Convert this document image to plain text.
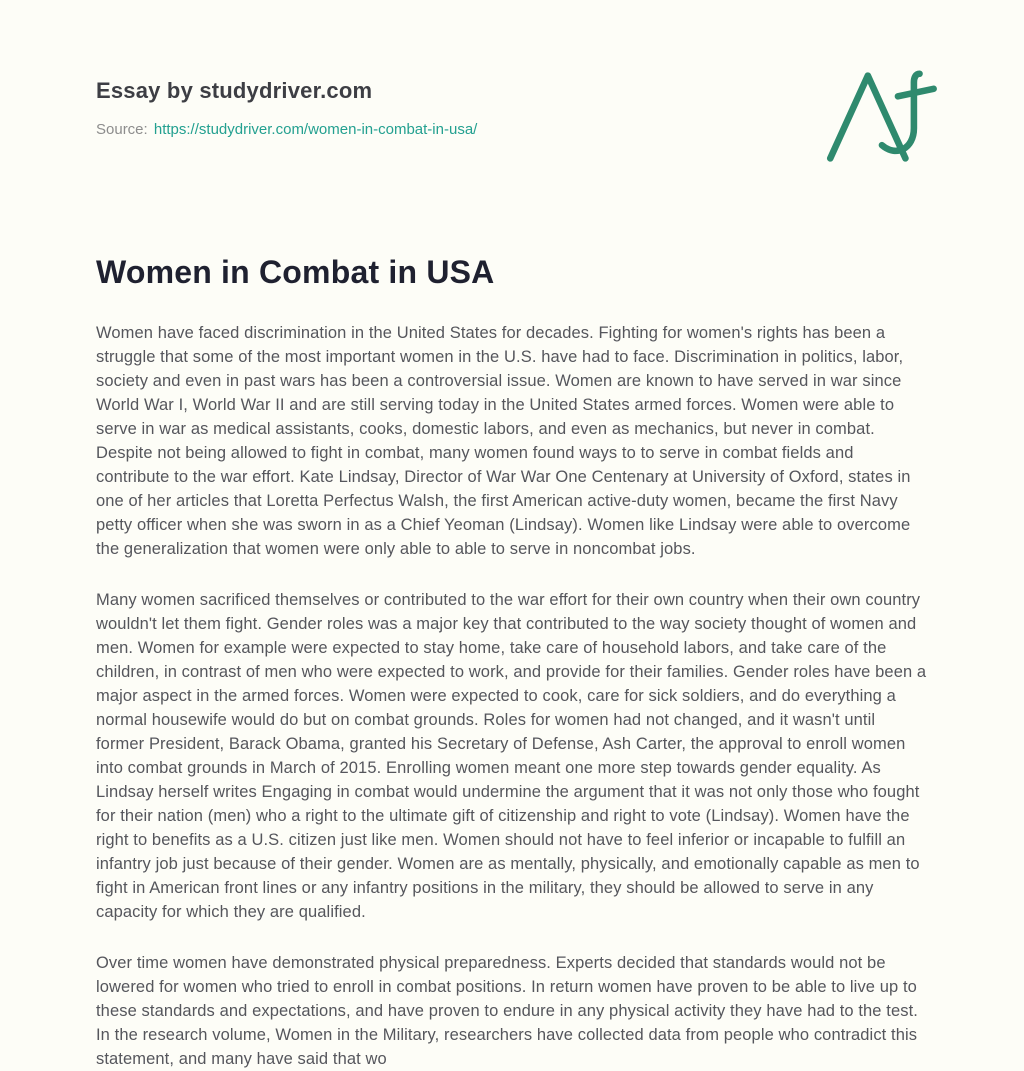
Essay by studydriver.com
Source: https://studydriver.com/women-in-combat-in-usa/
Women in Combat in USA

Women have faced discrimination in the United States for decades. Fighting for women's rights has been a struggle that some of the most important women in the U.S. have had to face. Discrimination in politics, labor, society and even in past wars has been a controversial issue. Women are known to have served in war since World War I, World War II and are still serving today in the United States armed forces. Women were able to serve in war as medical assistants, cooks, domestic labors, and even as mechanics, but never in combat. Despite not being allowed to fight in combat, many women found ways to to serve in combat fields and contribute to the war effort. Kate Lindsay, Director of War War One Centenary at University of Oxford, states in one of her articles that Loretta Perfectus Walsh, the first American active-duty women, became the first Navy petty officer when she was sworn in as a Chief Yeoman (Lindsay). Women like Lindsay were able to overcome the generalization that women were only able to able to serve in noncombat jobs.

Many women sacrificed themselves or contributed to the war effort for their own country when their own country wouldn't let them fight. Gender roles was a major key that contributed to the way society thought of women and men. Women for example were expected to stay home, take care of household labors, and take care of the children, in contrast of men who were expected to work, and provide for their families. Gender roles have been a major aspect in the armed forces. Women were expected to cook, care for sick soldiers, and do everything a normal housewife would do but on combat grounds. Roles for women had not changed, and it wasn't until former President, Barack Obama, granted his Secretary of Defense, Ash Carter, the approval to enroll women into combat grounds in March of 2015. Enrolling women meant one more step towards gender equality. As Lindsay herself writes Engaging in combat would undermine the argument that it was not only those who fought for their nation (men) who a right to the ultimate gift of citizenship and right to vote (Lindsay). Women have the right to benefits as a U.S. citizen just like men. Women should not have to feel inferior or incapable to fulfill an infantry job just because of their gender. Women are as mentally, physically, and emotionally capable as men to fight in American front lines or any infantry positions in the military, they should be allowed to serve in any capacity for which they are qualified.

Over time women have demonstrated physical preparedness. Experts decided that standards would not be lowered for women who tried to enroll in combat positions. In return women have proven to be able to live up to these standards and expectations, and have proven to endure in any physical activity they have had to the test. In the research volume, Women in the Military, researchers have collected data from people who contradict this statement, and many have said that wo
